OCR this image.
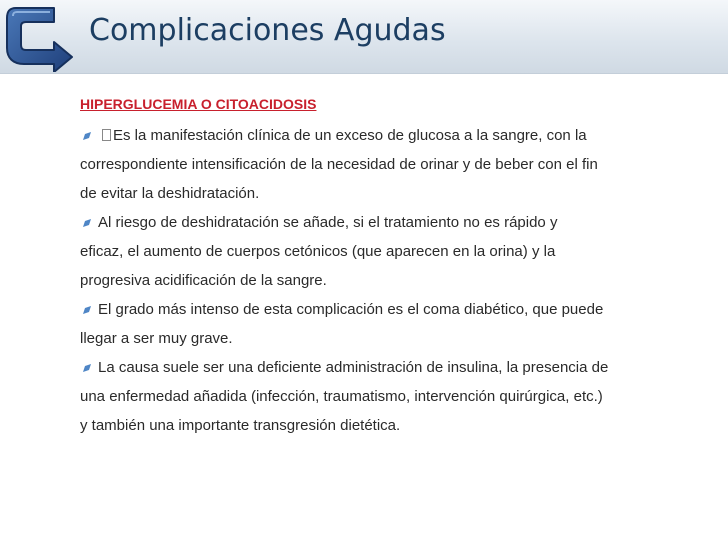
Complicaciones Agudas

HIPERGLUCEMIA O CITOACIDOSIS

Es la manifestación clínica de un exceso de glucosa a la sangre, con la
correspondiente intensificación de la necesidad de orinar y de beber con el fin
de evitar la deshidratación.
Al riesgo de deshidratación se añade, si el tratamiento no es rápido y
eficaz, el aumento de cuerpos cetónicos (que aparecen en la orina) y la
progresiva acidificación de la sangre.
El grado más intenso de esta complicación es el coma diabético, que puede
llegar a ser muy grave.
La causa suele ser una deficiente administración de insulina, la presencia de
una enfermedad añadida (infección, traumatismo, intervención quirúrgica, etc.)
y también una importante transgresión dietética.
